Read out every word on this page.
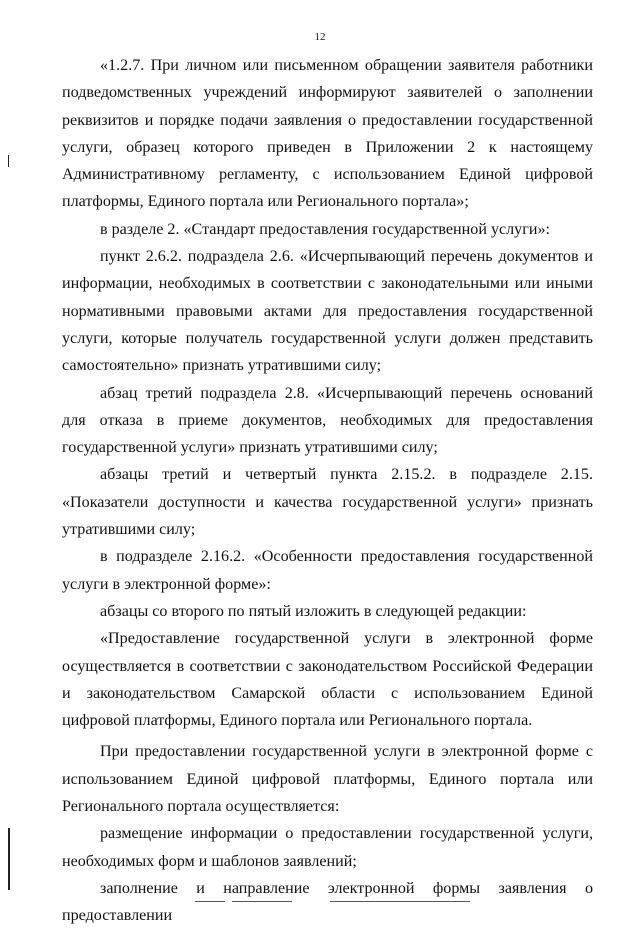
12

«1.2.7. При личном или письменном обращении заявителя работники подведомственных учреждений информируют заявителей о заполнении реквизитов и порядке подачи заявления о предоставлении государственной услуги, образец которого приведен в Приложении 2 к настоящему Административному регламенту, с использованием Единой цифровой платформы, Единого портала или Регионального портала»;

в разделе 2. «Стандарт предоставления государственной услуги»:

пункт 2.6.2. подраздела 2.6. «Исчерпывающий перечень документов и информации, необходимых в соответствии с законодательными или иными нормативными правовыми актами для предоставления государственной услуги, которые получатель государственной услуги должен представить самостоятельно» признать утратившими силу;

абзац третий подраздела 2.8. «Исчерпывающий перечень оснований для отказа в приеме документов, необходимых для предоставления государственной услуги» признать утратившими силу;

абзацы третий и четвертый пункта 2.15.2. в подразделе 2.15. «Показатели доступности и качества государственной услуги» признать утратившими силу;

в подразделе 2.16.2. «Особенности предоставления государственной услуги в электронной форме»:

абзацы со второго по пятый изложить в следующей редакции:

«Предоставление государственной услуги в электронной форме осуществляется в соответствии с законодательством Российской Федерации и законодательством Самарской области с использованием Единой цифровой платформы, Единого портала или Регионального портала.

При предоставлении государственной услуги в электронной форме с использованием Единой цифровой платформы, Единого портала или Регионального портала осуществляется:

размещение информации о предоставлении государственной услуги, необходимых форм и шаблонов заявлений;

заполнение и направление электронной формы заявления о предоставлении
